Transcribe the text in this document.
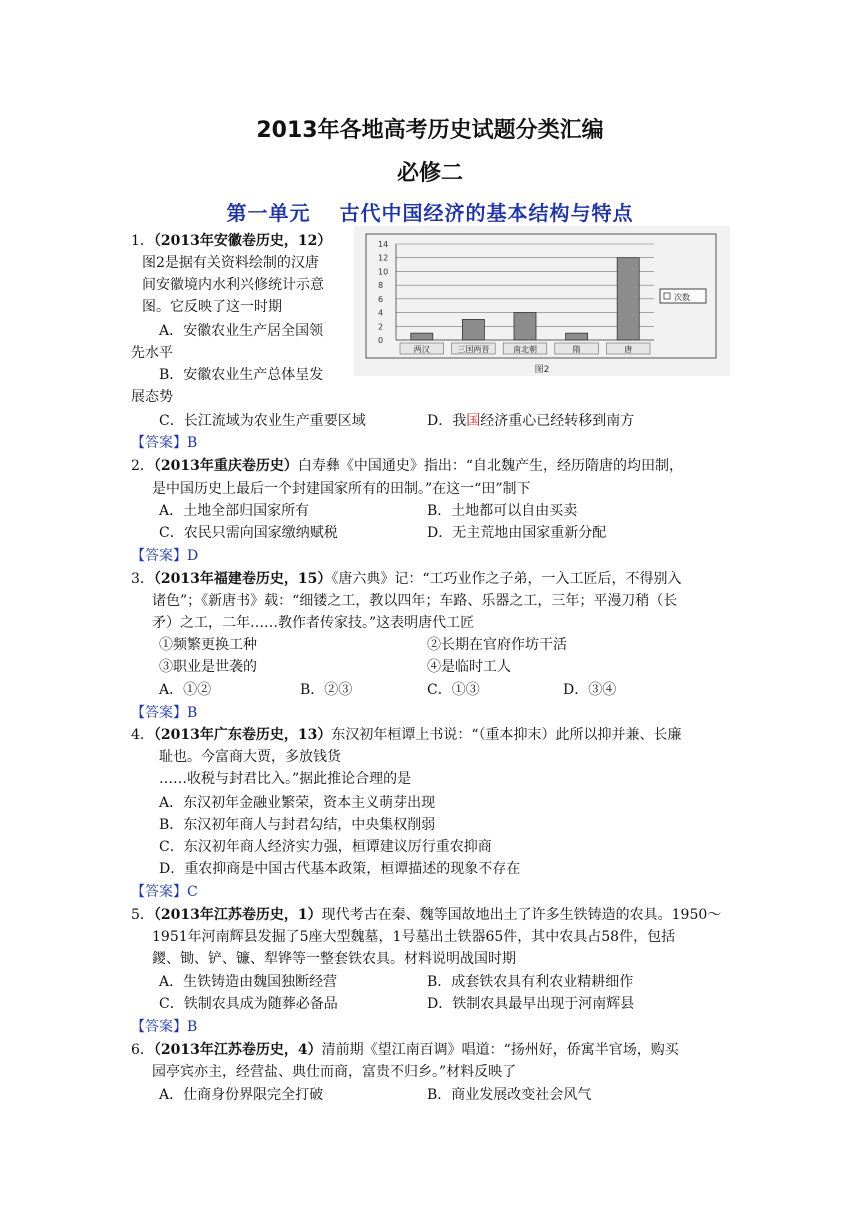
2013年各地高考历史试题分类汇编
必修二
第一单元　 古代中国经济的基本结构与特点
1．（2013年安徽卷历史，12）
图2是据有关资料绘制的汉唐
间安徽境内水利兴修统计示意
图。它反映了这一时期
A．安徽农业生产居全国领
先水平
B．安徽农业生产总体呈发
展态势
C．长江流域为农业生产重要区域	D．我国经济重心已经转移到南方
【答案】B
0
2
4
6
8
10
12
14
两汉	三国两晋	南北朝	隋	唐
次数
图2
2．（2013年重庆卷历史）白寿彝《中国通史》指出：“自北魏产生，经历隋唐的均田制，
是中国历史上最后一个封建国家所有的田制。”在这一“田”制下
A．土地全部归国家所有	B．土地都可以自由买卖
C．农民只需向国家缴纳赋税	D．无主荒地由国家重新分配
【答案】D
3．（2013年福建卷历史，15）《唐六典》记：“工巧业作之子弟，一入工匠后，不得别入
诸色”；《新唐书》载：“细镂之工，教以四年；车路、乐器之工，三年；平漫刀稍（长
矛）之工，二年……教作者传家技。”这表明唐代工匠
①频繁更换工种	②长期在官府作坊干活
③职业是世袭的	④是临时工人
A．①②	B．②③	C．①③	D．③④
【答案】B
4．（2013年广东卷历史，13）东汉初年桓谭上书说：“（重本抑末）此所以抑并兼、长廉
耻也。今富商大贾，多放钱货
……收税与封君比入。”据此推论合理的是
A．东汉初年金融业繁荣，资本主义萌芽出现
B．东汉初年商人与封君勾结，中央集权削弱
C．东汉初年商人经济实力强，桓谭建议厉行重农抑商
D．重农抑商是中国古代基本政策，桓谭描述的现象不存在
【答案】C
5．（2013年江苏卷历史，1）现代考古在秦、魏等国故地出土了许多生铁铸造的农具。1950～
1951年河南辉县发掘了5座大型魏墓，1号墓出土铁器65件，其中农具占58件，包括
鑁、锄、铲、镰、犁铧等一整套铁农具。材料说明战国时期
A．生铁铸造由魏国独断经营	B．成套铁农具有利农业精耕细作
C．铁制农具成为随葬必备品	D．铁制农具最早出现于河南辉县
【答案】B
6．（2013年江苏卷历史，4）清前期《望江南百调》唱道：“扬州好，侨寓半官场，购买
园亭宾亦主，经营盐、典仕而商，富贵不归乡。”材料反映了
A．仕商身份界限完全打破	B．商业发展改变社会风气
